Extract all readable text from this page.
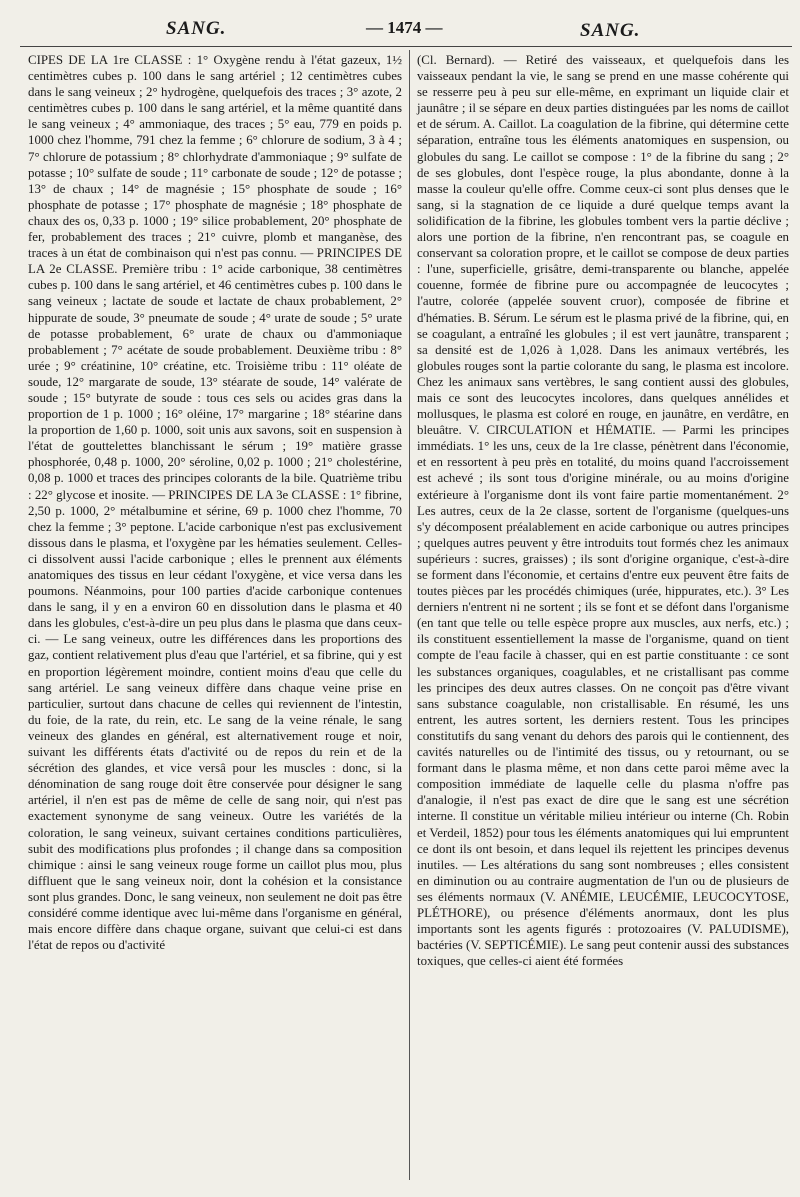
SANG.	— 1474 —	SANG.

CIPES DE LA 1re CLASSE : 1° Oxygène rendu à l'état gazeux, 1½ centimètres cubes p. 100 dans le sang artériel ; 12 centimètres cubes dans le sang veineux ; 2° hydrogène, quelquefois des traces ; 3° azote, 2 centimètres cubes p. 100 dans le sang artériel, et la même quantité dans le sang veineux ; 4° ammoniaque, des traces ; 5° eau, 779 en poids p. 1000 chez l'homme, 791 chez la femme ; 6° chlorure de sodium, 3 à 4 ; 7° chlorure de potassium ; 8° chlorhydrate d'ammoniaque ; 9° sulfate de potasse ; 10° sulfate de soude ; 11° carbonate de soude ; 12° de potasse ; 13° de chaux ; 14° de magnésie ; 15° phosphate de soude ; 16° phosphate de potasse ; 17° phosphate de magnésie ; 18° phosphate de chaux des os, 0,33 p. 1000 ; 19° silice probablement, 20° phosphate de fer, probablement des traces ; 21° cuivre, plomb et manganèse, des traces à un état de combinaison qui n'est pas connu. — PRINCIPES DE LA 2e CLASSE. Première tribu : 1° acide carbonique, 38 centimètres cubes p. 100 dans le sang artériel, et 46 centimètres cubes p. 100 dans le sang veineux ; lactate de soude et lactate de chaux probablement, 2° hippurate de soude, 3° pneumate de soude ; 4° urate de soude ; 5° urate de potasse probablement, 6° urate de chaux ou d'ammoniaque probablement ; 7° acétate de soude probablement. Deuxième tribu : 8° urée ; 9° créatinine, 10° créatine, etc. Troisième tribu : 11° oléate de soude, 12° margarate de soude, 13° stéarate de soude, 14° valérate de soude ; 15° butyrate de soude : tous ces sels ou acides gras dans la proportion de 1 p. 1000 ; 16° oléine, 17° margarine ; 18° stéarine dans la proportion de 1,60 p. 1000, soit unis aux savons, soit en suspension à l'état de gouttelettes blanchissant le sérum ; 19° matière grasse phosphorée, 0,48 p. 1000, 20° séroline, 0,02 p. 1000 ; 21° cholestérine, 0,08 p. 1000 et traces des principes colorants de la bile. Quatrième tribu : 22° glycose et inosite. — PRINCIPES DE LA 3e CLASSE : 1° fibrine, 2,50 p. 1000, 2° métalbumine et sérine, 69 p. 1000 chez l'homme, 70 chez la femme ; 3° peptone. L'acide carbonique n'est pas exclusivement dissous dans le plasma, et l'oxygène par les hématies seulement. Celles-ci dissolvent aussi l'acide carbonique ; elles le prennent aux éléments anatomiques des tissus en leur cédant l'oxygène, et vice versa dans les poumons. Néanmoins, pour 100 parties d'acide carbonique contenues dans le sang, il y en a environ 60 en dissolution dans le plasma et 40 dans les globules, c'est-à-dire un peu plus dans le plasma que dans ceux-ci. — Le sang veineux, outre les différences dans les proportions des gaz, contient relativement plus d'eau que l'artériel, et sa fibrine, qui y est en proportion légèrement moindre, contient moins d'eau que celle du sang artériel. Le sang veineux diffère dans chaque veine prise en particulier, surtout dans chacune de celles qui reviennent de l'intestin, du foie, de la rate, du rein, etc. Le sang de la veine rénale, le sang veineux des glandes en général, est alternativement rouge et noir, suivant les différents états d'activité ou de repos du rein et de la sécrétion des glandes, et vice versâ pour les muscles : donc, si la dénomination de sang rouge doit être conservée pour désigner le sang artériel, il n'en est pas de même de celle de sang noir, qui n'est pas exactement synonyme de sang veineux. Outre les variétés de la coloration, le sang veineux, suivant certaines conditions particulières, subit des modifications plus profondes ; il change dans sa composition chimique : ainsi le sang veineux rouge forme un caillot plus mou, plus diffluent que le sang veineux noir, dont la cohésion et la consistance sont plus grandes. Donc, le sang veineux, non seulement ne doit pas être considéré comme identique avec lui-même dans l'organisme en général, mais encore diffère dans chaque organe, suivant que celui-ci est dans l'état de repos ou d'activité

(Cl. Bernard). — Retiré des vaisseaux, et quelquefois dans les vaisseaux pendant la vie, le sang se prend en une masse cohérente qui se resserre peu à peu sur elle-même, en exprimant un liquide clair et jaunâtre ; il se sépare en deux parties distinguées par les noms de caillot et de sérum. A. Caillot. La coagulation de la fibrine, qui détermine cette séparation, entraîne tous les éléments anatomiques en suspension, ou globules du sang. Le caillot se compose : 1° de la fibrine du sang ; 2° de ses globules, dont l'espèce rouge, la plus abondante, donne à la masse la couleur qu'elle offre. Comme ceux-ci sont plus denses que le sang, si la stagnation de ce liquide a duré quelque temps avant la solidification de la fibrine, les globules tombent vers la partie déclive ; alors une portion de la fibrine, n'en rencontrant pas, se coagule en conservant sa coloration propre, et le caillot se compose de deux parties : l'une, superficielle, grisâtre, demi-transparente ou blanche, appelée couenne, formée de fibrine pure ou accompagnée de leucocytes ; l'autre, colorée (appelée souvent cruor), composée de fibrine et d'hématies. B. Sérum. Le sérum est le plasma privé de la fibrine, qui, en se coagulant, a entraîné les globules ; il est vert jaunâtre, transparent ; sa densité est de 1,026 à 1,028. Dans les animaux vertébrés, les globules rouges sont la partie colorante du sang, le plasma est incolore. Chez les animaux sans vertèbres, le sang contient aussi des globules, mais ce sont des leucocytes incolores, dans quelques annélides et mollusques, le plasma est coloré en rouge, en jaunâtre, en verdâtre, en bleuâtre. V. CIRCULATION et HÉMATIE. — Parmi les principes immédiats. 1° les uns, ceux de la 1re classe, pénètrent dans l'économie, et en ressortent à peu près en totalité, du moins quand l'accroissement est achevé ; ils sont tous d'origine minérale, ou au moins d'origine extérieure à l'organisme dont ils vont faire partie momentanément. 2° Les autres, ceux de la 2e classe, sortent de l'organisme (quelques-uns s'y décomposent préalablement en acide carbonique ou autres principes ; quelques autres peuvent y être introduits tout formés chez les animaux supérieurs : sucres, graisses) ; ils sont d'origine organique, c'est-à-dire se forment dans l'économie, et certains d'entre eux peuvent être faits de toutes pièces par les procédés chimiques (urée, hippurates, etc.). 3° Les derniers n'entrent ni ne sortent ; ils se font et se défont dans l'organisme (en tant que telle ou telle espèce propre aux muscles, aux nerfs, etc.) ; ils constituent essentiellement la masse de l'organisme, quand on tient compte de l'eau facile à chasser, qui en est partie constituante : ce sont les substances organiques, coagulables, et ne cristallisant pas comme les principes des deux autres classes. On ne conçoit pas d'être vivant sans substance coagulable, non cristallisable. En résumé, les uns entrent, les autres sortent, les derniers restent. Tous les principes constitutifs du sang venant du dehors des parois qui le contiennent, des cavités naturelles ou de l'intimité des tissus, ou y retournant, ou se formant dans le plasma même, et non dans cette paroi même avec la composition immédiate de laquelle celle du plasma n'offre pas d'analogie, il n'est pas exact de dire que le sang est une sécrétion interne. Il constitue un véritable milieu intérieur ou interne (Ch. Robin et Verdeil, 1852) pour tous les éléments anatomiques qui lui empruntent ce dont ils ont besoin, et dans lequel ils rejettent les principes devenus inutiles. — Les altérations du sang sont nombreuses ; elles consistent en diminution ou au contraire augmentation de l'un ou de plusieurs de ses éléments normaux (V. ANÉMIE, LEUCÉMIE, LEUCOCYTOSE, PLÉTHORE), ou présence d'éléments anormaux, dont les plus importants sont les agents figurés : protozoaires (V. PALUDISME), bactéries (V. SEPTICÉMIE). Le sang peut contenir aussi des substances toxiques, que celles-ci aient été formées
